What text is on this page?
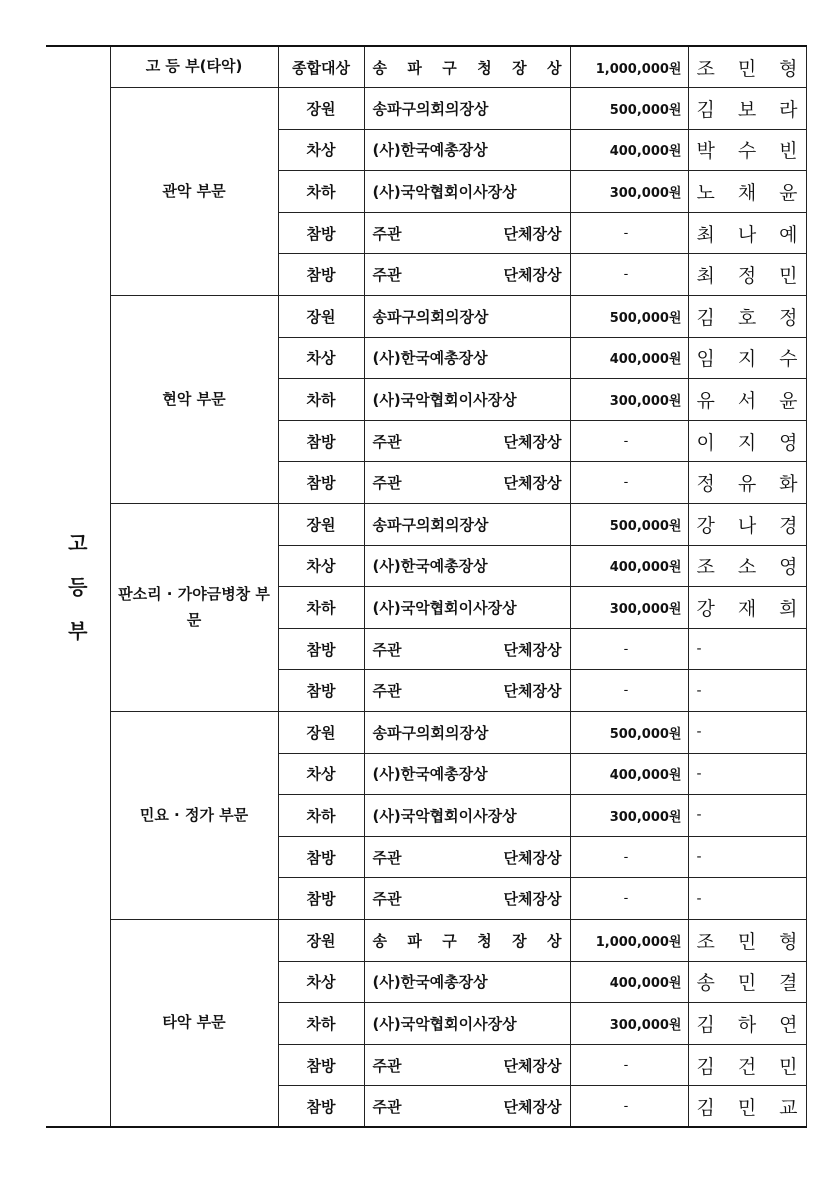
고
등
부	고 등 부(타악)	종합대상	송 파 구 청 장 상	1,000,000원	조 민 형

	관악 부문	장원	송파구의회의장상	500,000원	김 보 라

		차상	(사)한국예총장상	400,000원	박 수 빈

		차하	(사)국악협회이사장상	300,000원	노 채 윤

		참방	주관 단체장상	-	최 나 예

		참방	주관 단체장상	-	최 정 민

	현악 부문	장원	송파구의회의장상	500,000원	김 호 정

		차상	(사)한국예총장상	400,000원	임 지 수

		차하	(사)국악협회이사장상	300,000원	유 서 윤

		참방	주관 단체장상	-	이 지 영

		참방	주관 단체장상	-	정 유 화

	판소리 · 가야금병창 부문	장원	송파구의회의장상	500,000원	강 나 경

		차상	(사)한국예총장상	400,000원	조 소 영

		차하	(사)국악협회이사장상	300,000원	강 재 희

		참방	주관 단체장상	-	-
		참방	주관 단체장상	-	-
	민요 · 정가 부문	장원	송파구의회의장상	500,000원	-
		차상	(사)한국예총장상	400,000원	-
		차하	(사)국악협회이사장상	300,000원	-
		참방	주관 단체장상	-	-
		참방	주관 단체장상	-	-
	타악 부문	장원	송 파 구 청 장 상	1,000,000원	조 민 형

		차상	(사)한국예총장상	400,000원	송 민 결

		차하	(사)국악협회이사장상	300,000원	김 하 연

		참방	주관 단체장상	-	김 건 민

		참방	주관 단체장상	-	김 민 교
